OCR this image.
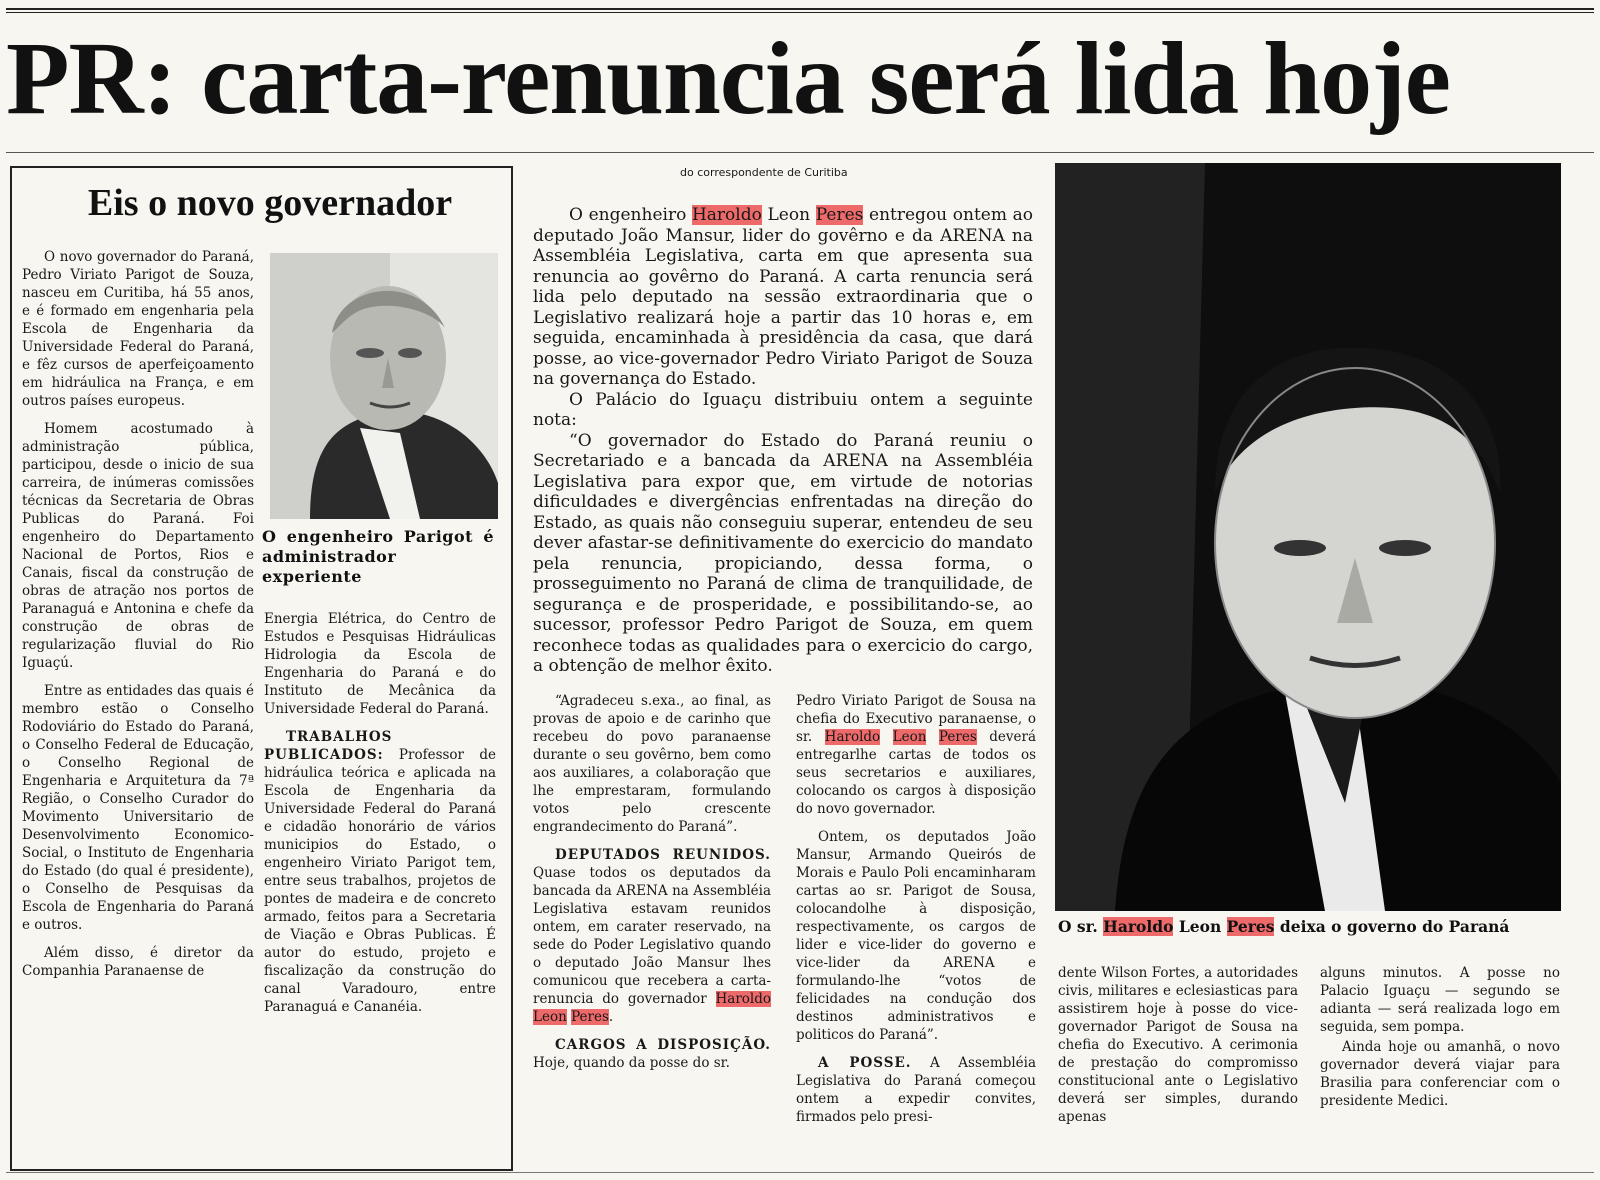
PR: carta-renuncia será lida hoje
Eis o novo governador

O novo governador do Paraná, Pedro Viriato Parigot de Souza, nasceu em Curitiba, há 55 anos, e é formado em engenharia pela Escola de Engenharia da Universidade Federal do Paraná, e fêz cursos de aperfeiçoamento em hidráulica na França, e em outros países europeus.

Homem acostumado à administração pública, participou, desde o inicio de sua carreira, de inúmeras comissões técnicas da Secretaria de Obras Publicas do Paraná. Foi engenheiro do Departamento Nacional de Portos, Rios e Canais, fiscal da construção de obras de atração nos portos de Paranaguá e Antonina e chefe da construção de obras de regularização fluvial do Rio Iguaçú.

Entre as entidades das quais é membro estão o Conselho Rodoviário do Estado do Paraná, o Conselho Federal de Educação, o Conselho Regional de Engenharia e Arquitetura da 7ª Região, o Conselho Curador do Movimento Universitario de Desenvolvimento Economico-Social, o Instituto de Engenharia do Estado (do qual é presidente), o Conselho de Pesquisas da Escola de Engenharia do Paraná e outros.

Além disso, é diretor da Companhia Paranaense de

O engenheiro Parigot é administrador experiente

Energia Elétrica, do Centro de Estudos e Pesquisas Hidráulicas Hidrologia da Escola de Engenharia do Paraná e do Instituto de Mecânica da Universidade Federal do Paraná.

TRABALHOS PUBLICADOS: Professor de hidráulica teórica e aplicada na Escola de Engenharia da Universidade Federal do Paraná e cidadão honorário de vários municipios do Estado, o engenheiro Viriato Parigot tem, entre seus trabalhos, projetos de pontes de madeira e de concreto armado, feitos para a Secretaria de Viação e Obras Publicas. É autor do estudo, projeto e fiscalização da construção do canal Varadouro, entre Paranaguá e Cananéia.

do correspondente de Curitiba

O engenheiro Haroldo Leon Peres entregou ontem ao deputado João Mansur, lider do govêrno e da ARENA na Assembléia Legislativa, carta em que apresenta sua renuncia ao govêrno do Paraná. A carta renuncia será lida pelo deputado na sessão extraordinaria que o Legislativo realizará hoje a partir das 10 horas e, em seguida, encaminhada à presidência da casa, que dará posse, ao vice-governador Pedro Viriato Parigot de Souza na governança do Estado.

O Palácio do Iguaçu distribuiu ontem a seguinte nota:

“O governador do Estado do Paraná reuniu o Secretariado e a bancada da ARENA na Assembléia Legislativa para expor que, em virtude de notorias dificuldades e divergências enfrentadas na direção do Estado, as quais não conseguiu superar, entendeu de seu dever afastar-se definitivamente do exercicio do mandato pela renuncia, propiciando, dessa forma, o prosseguimento no Paraná de clima de tranquilidade, de segurança e de prosperidade, e possibilitando-se, ao sucessor, professor Pedro Parigot de Souza, em quem reconhece todas as qualidades para o exercicio do cargo, a obtenção de melhor êxito.

“Agradeceu s.exa., ao final, as provas de apoio e de carinho que recebeu do povo paranaense durante o seu govêrno, bem como aos auxiliares, a colaboração que lhe emprestaram, formulando votos pelo crescente engrandecimento do Paraná”.

DEPUTADOS REUNIDOS. Quase todos os deputados da bancada da ARENA na Assembléia Legislativa estavam reunidos ontem, em carater reservado, na sede do Poder Legislativo quando o deputado João Mansur lhes comunicou que recebera a carta-renuncia do governador Haroldo Leon Peres.

CARGOS A DISPOSIÇÃO. Hoje, quando da posse do sr.

Pedro Viriato Parigot de Sousa na chefia do Executivo paranaense, o sr. Haroldo Leon Peres deverá entregarlhe cartas de todos os seus secretarios e auxiliares, colocando os cargos à disposição do novo governador.

Ontem, os deputados João Mansur, Armando Queirós de Morais e Paulo Poli encaminharam cartas ao sr. Parigot de Sousa, colocandolhe à disposição, respectivamente, os cargos de lider e vice-lider do governo e vice-lider da ARENA e formulando-lhe “votos de felicidades na condução dos destinos administrativos e politicos do Paraná”.

A POSSE. A Assembléia Legislativa do Paraná começou ontem a expedir convites, firmados pelo presi-

O sr. Haroldo Leon Peres deixa o governo do Paraná

dente Wilson Fortes, a autoridades civis, militares e eclesiasticas para assistirem hoje à posse do vice-governador Parigot de Sousa na chefia do Executivo. A cerimonia de prestação do compromisso constitucional ante o Legislativo deverá ser simples, durando apenas

alguns minutos. A posse no Palacio Iguaçu — segundo se adianta — será realizada logo em seguida, sem pompa.

Ainda hoje ou amanhã, o novo governador deverá viajar para Brasilia para conferenciar com o presidente Medici.
